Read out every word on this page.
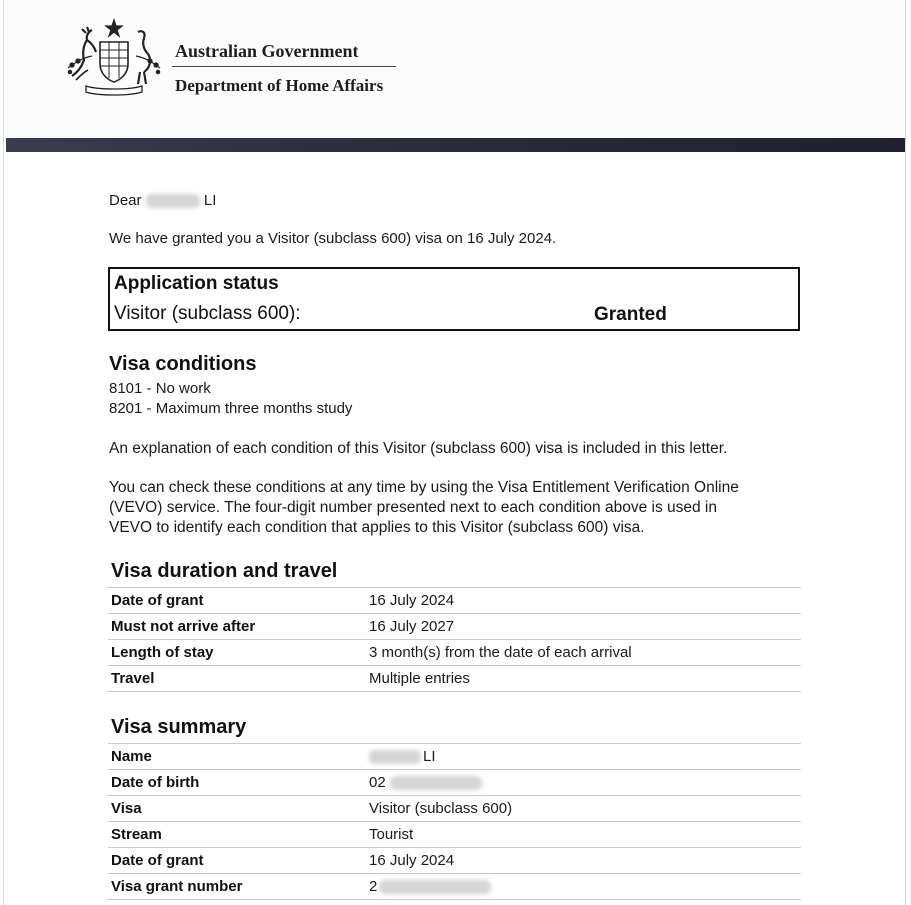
Australian Government
Department of Home Affairs
Dear	LI
We have granted you a Visitor (subclass 600) visa on 16 July 2024.
Application status
Visitor (subclass 600):	Granted
Visa conditions
8101 - No work
8201 - Maximum three months study
An explanation of each condition of this Visitor (subclass 600) visa is included in this letter.
You can check these conditions at any time by using the Visa Entitlement Verification Online
(VEVO) service. The four-digit number presented next to each condition above is used in
VEVO to identify each condition that applies to this Visitor (subclass 600) visa.
Visa duration and travel
Date of grant	16 July 2024
Must not arrive after	16 July 2027
Length of stay	3 month(s) from the date of each arrival
Travel	Multiple entries
Visa summary
Name	LI
Date of birth	02
Visa	Visitor (subclass 600)
Stream	Tourist
Date of grant	16 July 2024
Visa grant number	2
